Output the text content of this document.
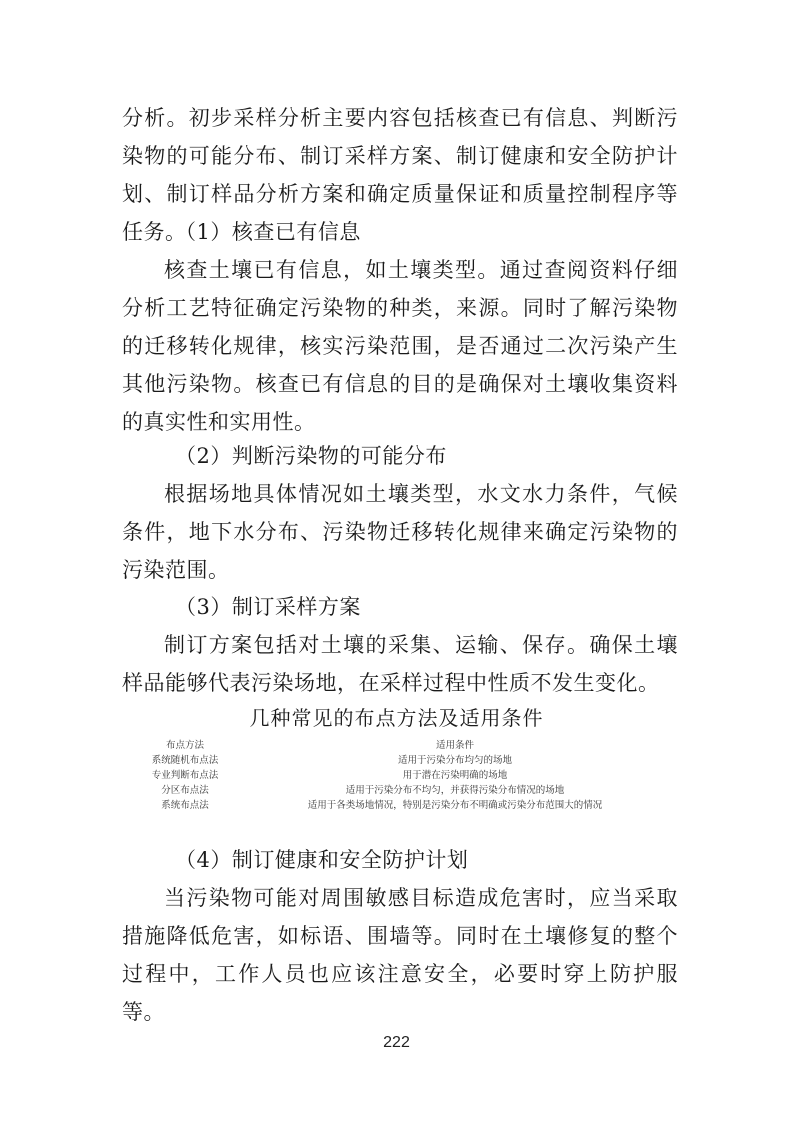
分析。初步采样分析主要内容包括核查已有信息、判断污染物的可能分布、制订采样方案、制订健康和安全防护计划、制订样品分析方案和确定质量保证和质量控制程序等任务。

（1）核查已有信息

核查土壤已有信息，如土壤类型。通过查阅资料仔细分析工艺特征确定污染物的种类，来源。同时了解污染物的迁移转化规律，核实污染范围，是否通过二次污染产生其他污染物。核查已有信息的目的是确保对土壤收集资料的真实性和实用性。

（2）判断污染物的可能分布

根据场地具体情况如土壤类型，水文水力条件，气候条件，地下水分布、污染物迁移转化规律来确定污染物的污染范围。

（3）制订采样方案

制订方案包括对土壤的采集、运输、保存。确保土壤样品能够代表污染场地，在采样过程中性质不发生变化。

几种常见的布点方法及适用条件
布点方法	适用条件
系统随机布点法	适用于污染分布均匀的场地
专业判断布点法	用于潜在污染明确的场地
分区布点法	适用于污染分布不均匀，并获得污染分布情况的场地
系统布点法	适用于各类场地情况，特别是污染分布不明确或污染分布范围大的情况

（4）制订健康和安全防护计划

当污染物可能对周围敏感目标造成危害时，应当采取措施降低危害，如标语、围墙等。同时在土壤修复的整个过程中，工作人员也应该注意安全，必要时穿上防护服等。

222
